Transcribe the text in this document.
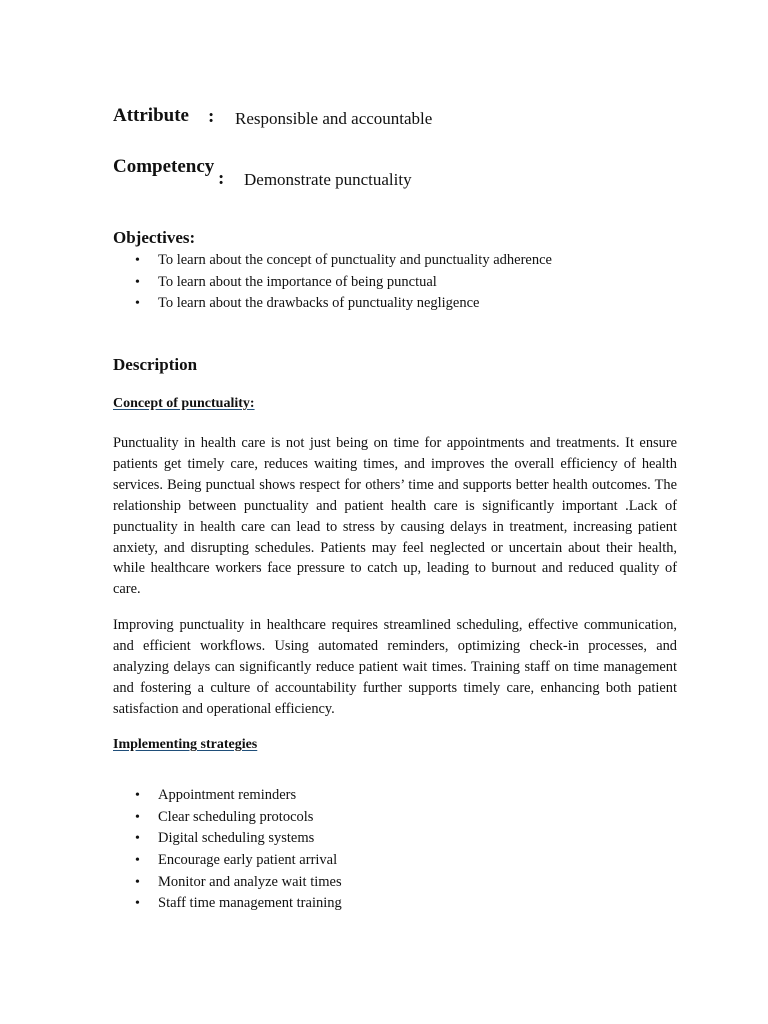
Attribute : Responsible and accountable
Competency
: Demonstrate punctuality
Objectives:
• To learn about the concept of punctuality and punctuality adherence
• To learn about the importance of being punctual
• To learn about the drawbacks of punctuality negligence
Description
Concept of punctuality:

Punctuality in health care is not just being on time for appointments and treatments. It ensure patients get timely care, reduces waiting times, and improves the overall efficiency of health services. Being punctual shows respect for others’ time and supports better health outcomes. The relationship between punctuality and patient health care is significantly important .Lack of punctuality in health care can lead to stress by causing delays in treatment, increasing patient anxiety, and disrupting schedules. Patients may feel neglected or uncertain about their health, while healthcare workers face pressure to catch up, leading to burnout and reduced quality of care.

Improving punctuality in healthcare requires streamlined scheduling, effective communication, and efficient workflows. Using automated reminders, optimizing check-in processes, and analyzing delays can significantly reduce patient wait times. Training staff on time management and fostering a culture of accountability further supports timely care, enhancing both patient satisfaction and operational efficiency.

Implementing strategies
• Appointment reminders
• Clear scheduling protocols
• Digital scheduling systems
• Encourage early patient arrival
• Monitor and analyze wait times
• Staff time management training
